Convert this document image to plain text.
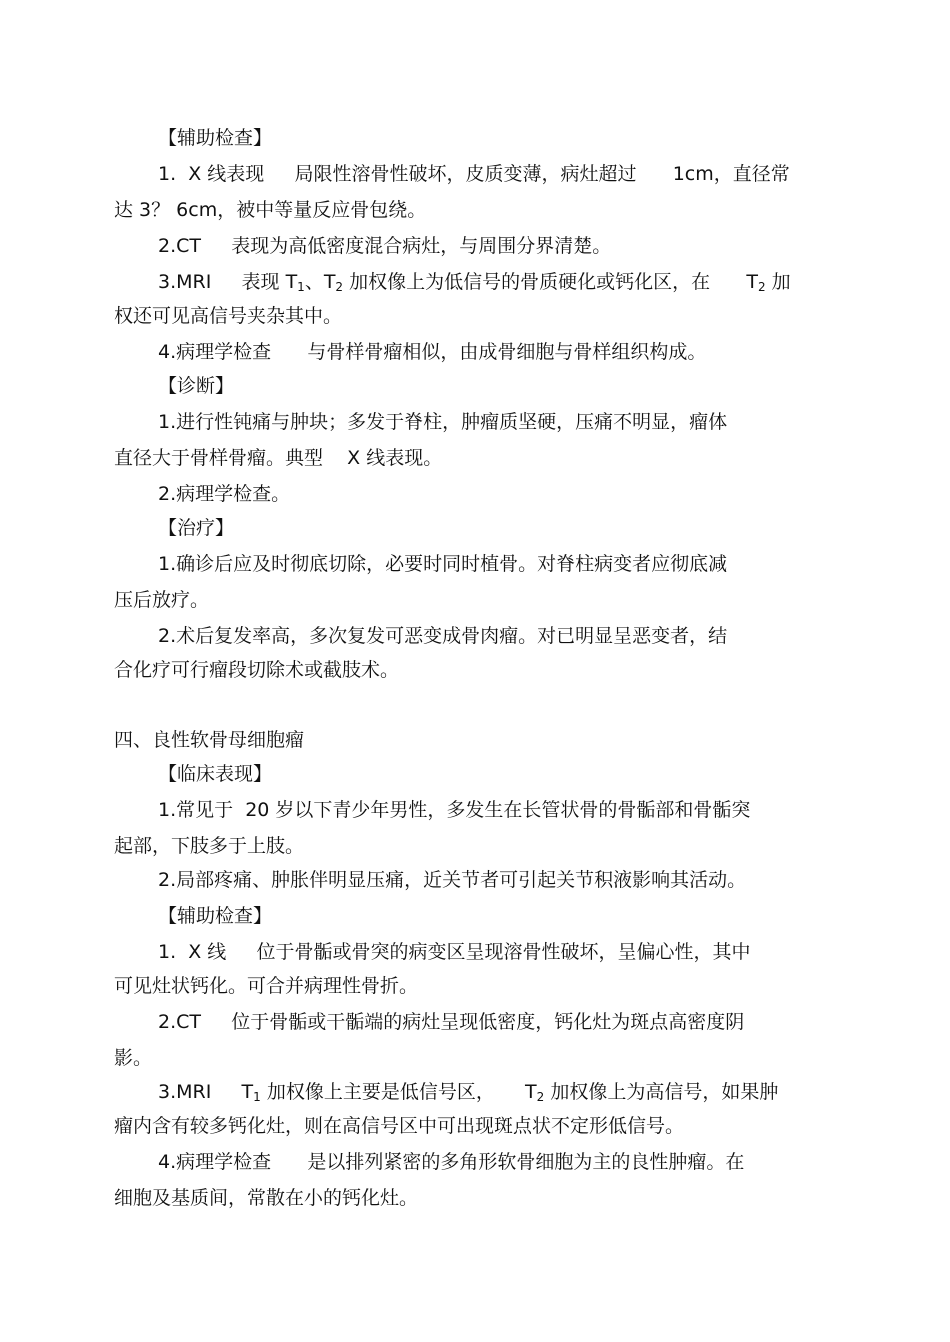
【辅助检查】
1.  X 线表现     局限性溶骨性破坏，皮质变薄，病灶超过      1cm，直径常
达 3？ 6cm，被中等量反应骨包绕。
2.CT     表现为高低密度混合病灶，与周围分界清楚。
3.MRI     表现 $T_1$、$T_2$ 加权像上为低信号的骨质硬化或钙化区，在      $T_2$ 加
权还可见高信号夹杂其中。
4.病理学检查      与骨样骨瘤相似，由成骨细胞与骨样组织构成。
【诊断】
1.进行性钝痛与肿块；多发于脊柱，肿瘤质坚硬，压痛不明显，瘤体
直径大于骨样骨瘤。典型    X 线表现。
2.病理学检查。
【治疗】
1.确诊后应及时彻底切除，必要时同时植骨。对脊柱病变者应彻底减
压后放疗。
2.术后复发率高，多次复发可恶变成骨肉瘤。对已明显呈恶变者，结
合化疗可行瘤段切除术或截肢术。
四、良性软骨母细胞瘤
【临床表现】
1.常见于  20 岁以下青少年男性，多发生在长管状骨的骨骺部和骨骺突
起部，下肢多于上肢。
2.局部疼痛、肿胀伴明显压痛，近关节者可引起关节积液影响其活动。
【辅助检查】
1.  X 线     位于骨骺或骨突的病变区呈现溶骨性破坏，呈偏心性，其中
可见灶状钙化。可合并病理性骨折。
2.CT     位于骨骺或干骺端的病灶呈现低密度，钙化灶为斑点高密度阴
影。
3.MRI     $T_1$ 加权像上主要是低信号区，     $T_2$ 加权像上为高信号，如果肿
瘤内含有较多钙化灶，则在高信号区中可出现斑点状不定形低信号。
4.病理学检查      是以排列紧密的多角形软骨细胞为主的良性肿瘤。在
细胞及基质间，常散在小的钙化灶。
